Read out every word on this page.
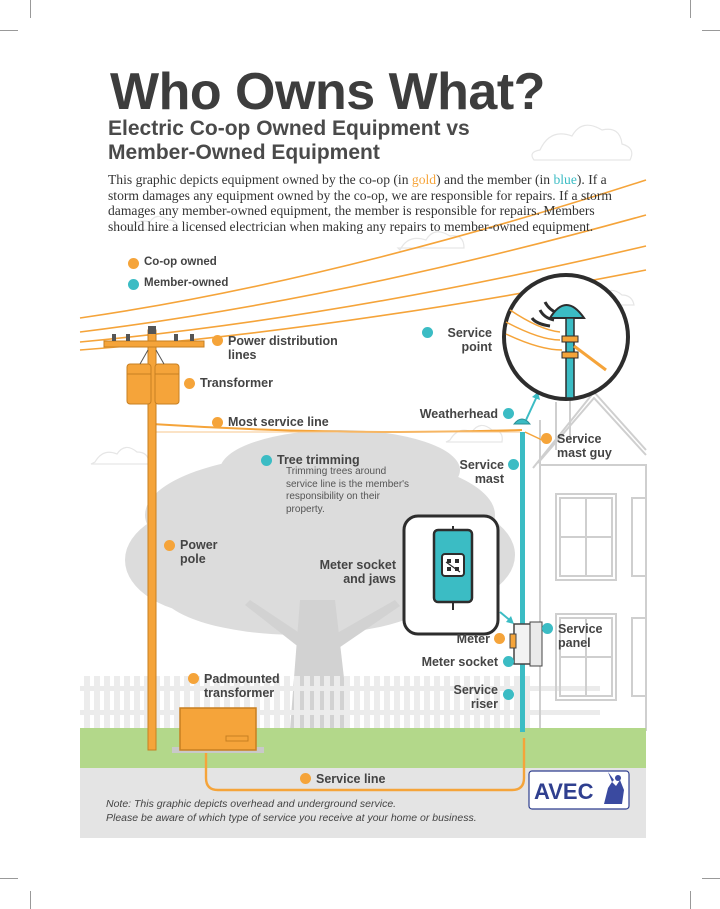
Who Owns What?
Electric Co-op Owned Equipment vs
Member-Owned Equipment
This graphic depicts equipment owned by the co-op (in gold) and the member (in blue). If a storm damages any equipment owned by the co-op, we are responsible for repairs. If a storm damages any member-owned equipment, the member is responsible for repairs. Members should hire a licensed electrician when making any repairs to member-owned equipment.
Co-op owned
Member-owned
Power distribution lines
Transformer
Most service line
Tree trimming
Trimming trees around service line is the member's responsibility on their property.
Power pole
Padmounted transformer
Service line
Service point
Weatherhead
Service mast guy
Service mast
Meter socket and jaws
Meter
Service panel
Meter socket
Service riser
Note: This graphic depicts overhead and underground service.
Please be aware of which type of service you receive at your home or business.
AVEC
